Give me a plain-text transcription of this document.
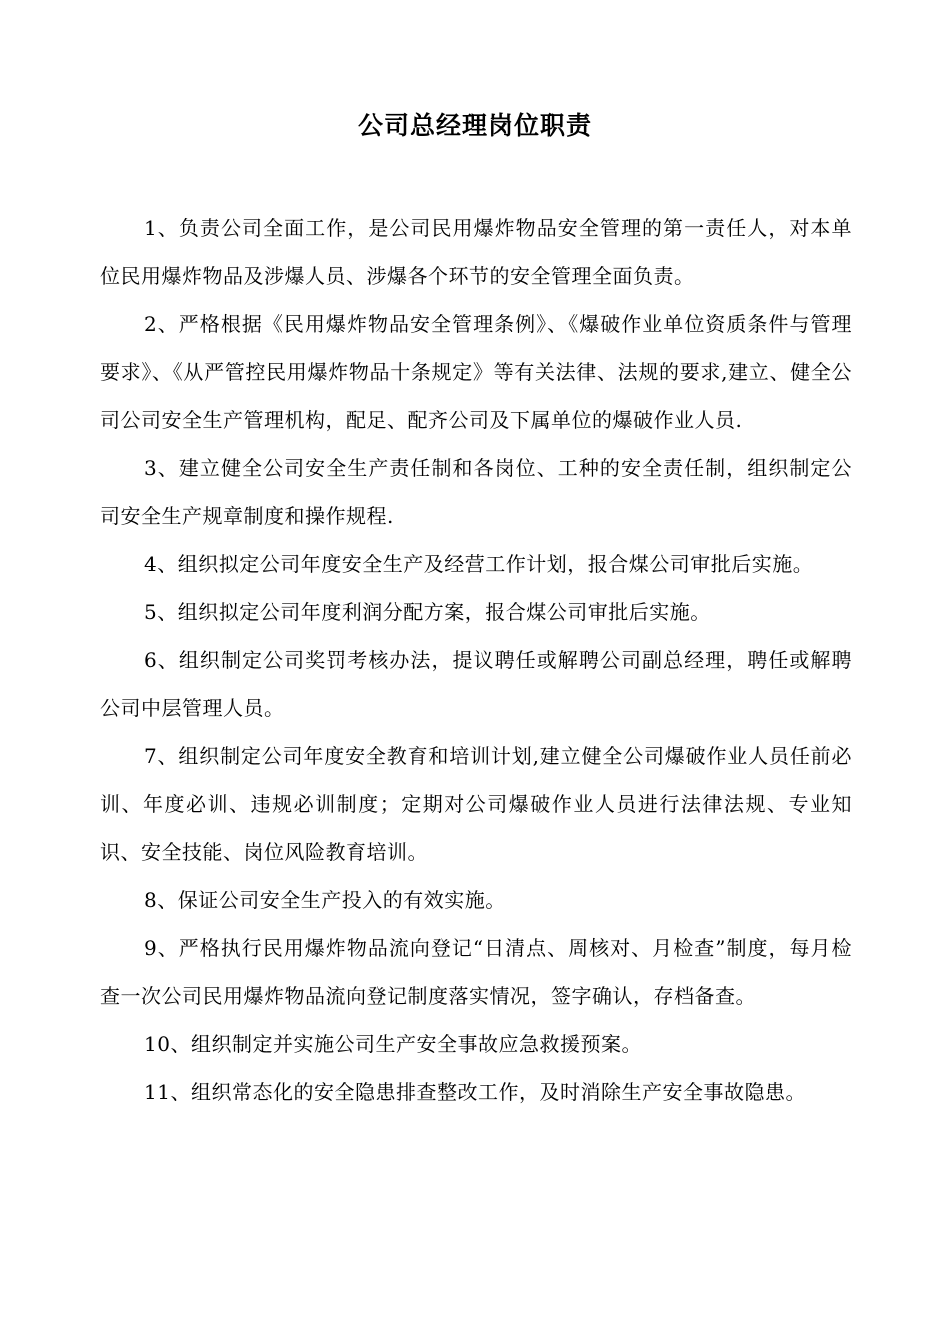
公司总经理岗位职责

1、负责公司全面工作，是公司民用爆炸物品安全管理的第一责任人，对本单位民用爆炸物品及涉爆人员、涉爆各个环节的安全管理全面负责。

2、严格根据《民用爆炸物品安全管理条例》、《爆破作业单位资质条件与管理要求》、《从严管控民用爆炸物品十条规定》等有关法律、法规的要求,建立、健全公司公司安全生产管理机构，配足、配齐公司及下属单位的爆破作业人员.

3、建立健全公司安全生产责任制和各岗位、工种的安全责任制，组织制定公司安全生产规章制度和操作规程.

4、组织拟定公司年度安全生产及经营工作计划，报合煤公司审批后实施。

5、组织拟定公司年度利润分配方案，报合煤公司审批后实施。

6、组织制定公司奖罚考核办法，提议聘任或解聘公司副总经理，聘任或解聘公司中层管理人员。

7、组织制定公司年度安全教育和培训计划,建立健全公司爆破作业人员任前必训、年度必训、违规必训制度；定期对公司爆破作业人员进行法律法规、专业知识、安全技能、岗位风险教育培训。

8、保证公司安全生产投入的有效实施。

9、严格执行民用爆炸物品流向登记“日清点、周核对、月检查”制度，每月检查一次公司民用爆炸物品流向登记制度落实情况，签字确认，存档备查。

10、组织制定并实施公司生产安全事故应急救援预案。

11、组织常态化的安全隐患排查整改工作，及时消除生产安全事故隐患。
